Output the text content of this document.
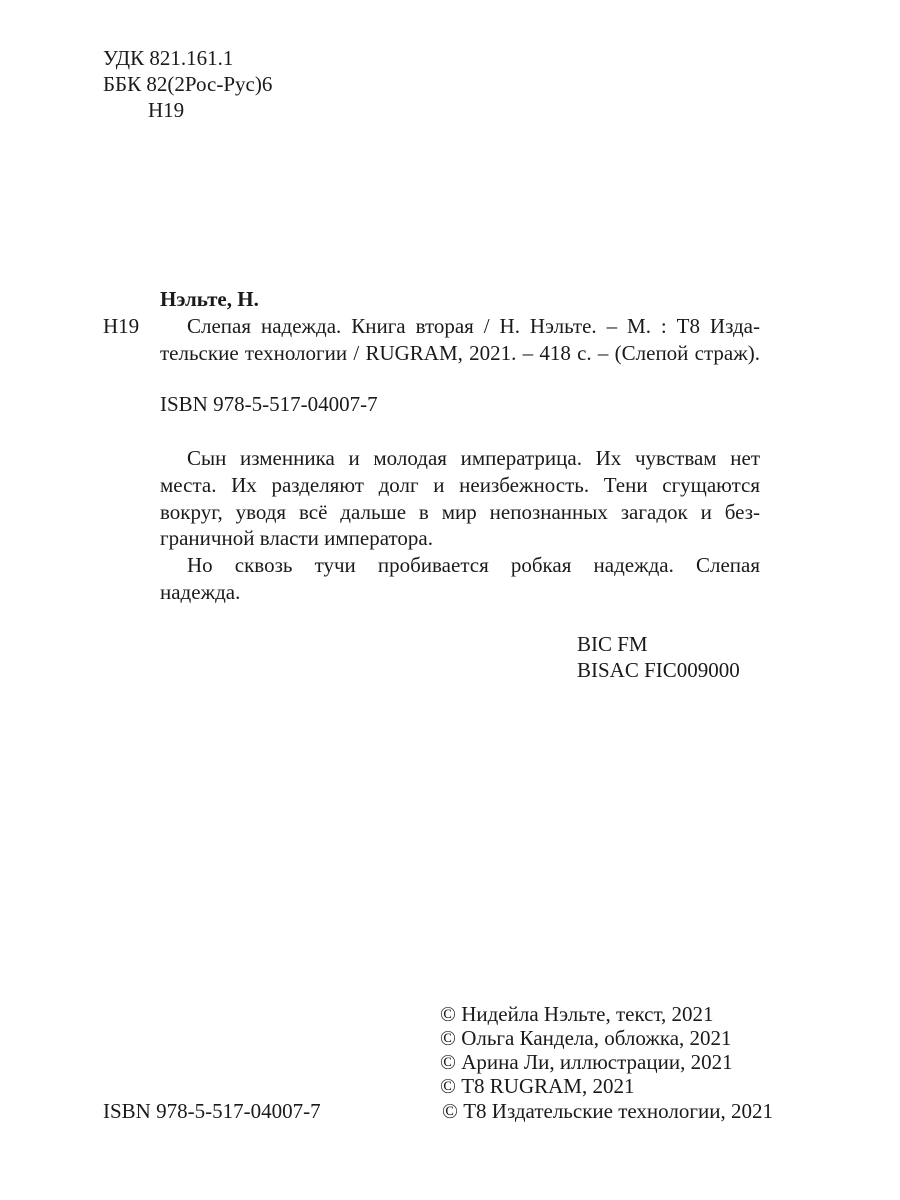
УДК 821.161.1
ББК 82(2Рос-Рус)6
Н19
Нэльте, Н.
Н19	Слепая надежда. Книга вторая / Н. Нэльте. – М. : Т8 Изда-
тельские технологии / RUGRAM, 2021. – 418 с. – (Слепой страж).
ISBN 978-5-517-04007-7
Сын изменника и молодая императрица. Их чувствам нет
места. Их разделяют долг и неизбежность. Тени сгущаются
вокруг, уводя всё дальше в мир непознанных загадок и без-
граничной власти императора.
Но сквозь тучи пробивается робкая надежда. Слепая
надежда.
BIC FM
BISAC FIC009000
© Нидейла Нэльте, текст, 2021
© Ольга Кандела, обложка, 2021
© Арина Ли, иллюстрации, 2021
© Т8 RUGRAM, 2021
ISBN 978-5-517-04007-7	© Т8 Издательские технологии, 2021
